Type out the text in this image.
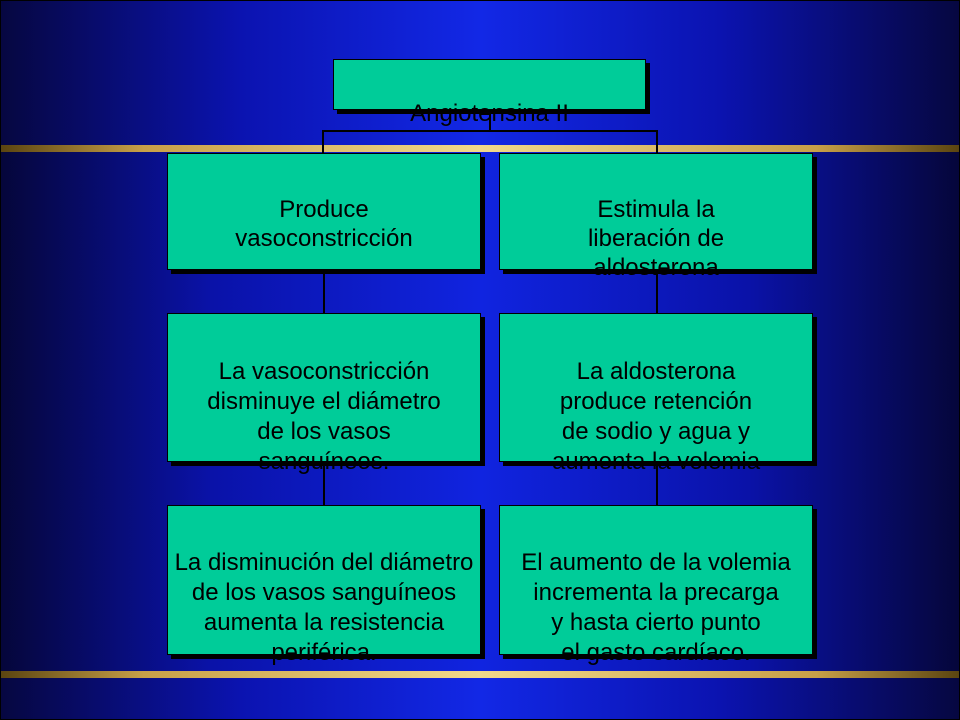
Angiotensina II

Produce
vasoconstricción

La vasoconstricción
disminuye el diámetro
de los vasos
sanguíneos.

La disminución del diámetro
de los vasos sanguíneos
aumenta la resistencia
periférica.

Estimula la
liberación de
aldosterona

La aldosterona
produce retención
de sodio y agua y
aumenta la volemia

El aumento de la volemia
incrementa la precarga
y hasta cierto punto
el gasto cardíaco.
